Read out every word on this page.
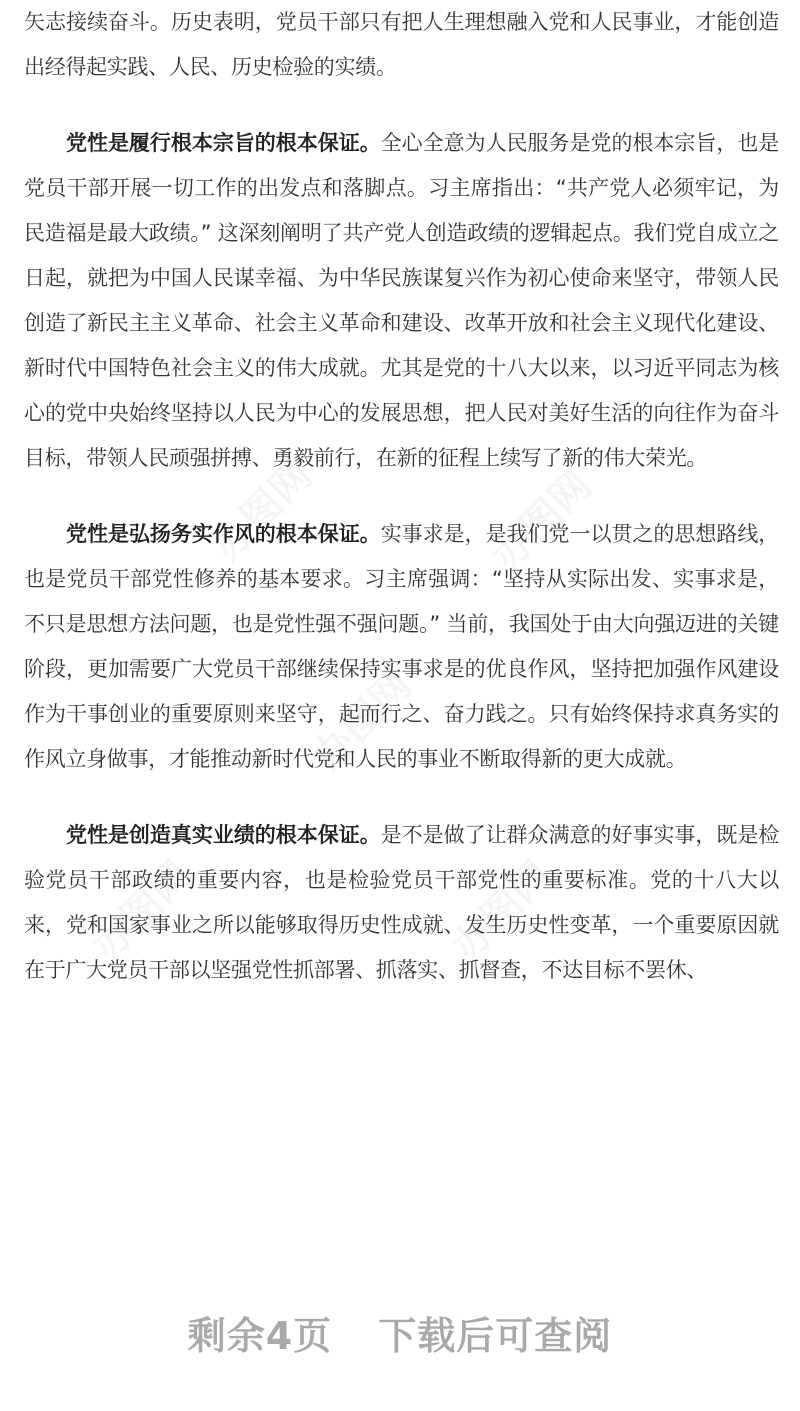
矢志接续奋斗。历史表明，党员干部只有把人生理想融入党和人民事业，才能创造出经得起实践、人民、历史检验的实绩。

党性是履行根本宗旨的根本保证。全心全意为人民服务是党的根本宗旨，也是党员干部开展一切工作的出发点和落脚点。习主席指出：“共产党人必须牢记，为民造福是最大政绩。” 这深刻阐明了共产党人创造政绩的逻辑起点。我们党自成立之日起，就把为中国人民谋幸福、为中华民族谋复兴作为初心使命来坚守，带领人民创造了新民主主义革命、社会主义革命和建设、改革开放和社会主义现代化建设、新时代中国特色社会主义的伟大成就。尤其是党的十八大以来，以习近平同志为核心的党中央始终坚持以人民为中心的发展思想，把人民对美好生活的向往作为奋斗目标，带领人民顽强拼搏、勇毅前行，在新的征程上续写了新的伟大荣光。

党性是弘扬务实作风的根本保证。实事求是，是我们党一以贯之的思想路线，也是党员干部党性修养的基本要求。习主席强调：“坚持从实际出发、实事求是，不只是思想方法问题，也是党性强不强问题。” 当前，我国处于由大向强迈进的关键阶段，更加需要广大党员干部继续保持实事求是的优良作风，坚持把加强作风建设作为干事创业的重要原则来坚守，起而行之、奋力践之。只有始终保持求真务实的作风立身做事，才能推动新时代党和人民的事业不断取得新的更大成就。

党性是创造真实业绩的根本保证。是不是做了让群众满意的好事实事，既是检验党员干部政绩的重要内容，也是检验党员干部党性的重要标准。党的十八大以来，党和国家事业之所以能够取得历史性成就、发生历史性变革，一个重要原因就在于广大党员干部以坚强党性抓部署、抓落实、抓督查，不达目标不罢休、

剩余4页 下载后可查阅
